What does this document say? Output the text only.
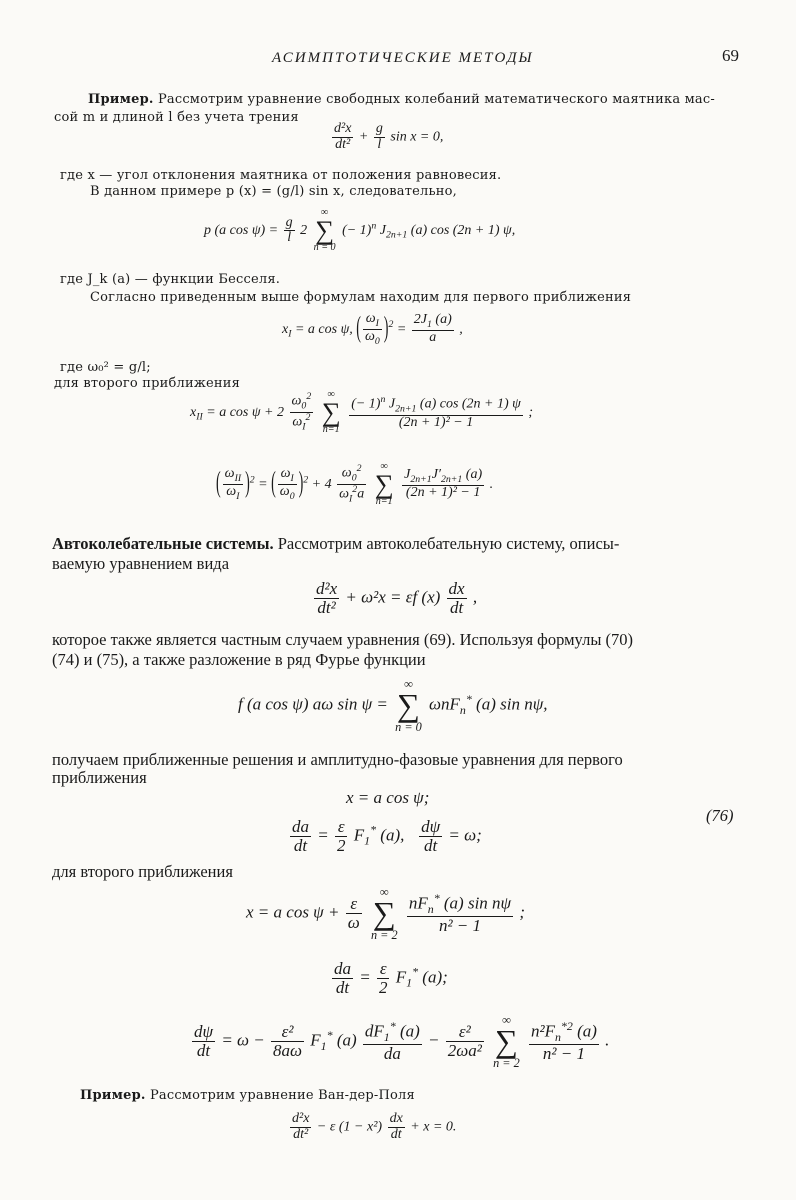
АСИМПТОТИЧЕСКИЕ МЕТОДЫ	69
Пример. Рассмотрим уравнение свободных колебаний математического маятника мас-
сой m и длиной l без учета трения
$\frac{\text{d²x}}{\text{dt²}} + \frac{g}{l}$ sin x = 0,
где x — угол отклонения маятника от положения равновесия.
В данном примере p (x) = (g/l) sin x, следовательно,
p (a $\cos \psi) = \frac{g}{l} 2$
∞
∑
n = 0
(− 1)$^n$ $J_{2n+1}$ (a) cos (2n + 1) ψ,
где J_k (a) — функции Бесселя.
Согласно приведенным выше формулам находим для первого приближения
$x_I = a$ cos ψ, ( $\frac{\omega_I}{\omega_0} )^2 = \frac{2J_1 (a)}{a}$ ,
где ω₀² = g/l;
для второго приближения
$x_{II} = a$ $\cos \psi + 2 \frac{\omega_0^2}{\omega_I^2}$
	∞
∑
n=1
$\frac{(- 1)^n J_{2n+1} (a) \cos (2n + 1) \psi}{\text{(2n + 1)² − 1}}$ ;
( $\frac{\omega_{II}}{\omega_I} )^2$ = ( $\frac{\omega_I}{\omega_0} )^2 + 4 \frac{\omega_0^2}{\omega_I^2a}$
	∞
∑
n=1

$\frac{J_{2n+1}J'_{2n+1} (a)}{\text{(2n + 1)² − 1}}$ .
Автоколебательные системы. Рассмотрим автоколебательную систему, описы-
ваемую уравнением вида
$\frac{\text{d²x}}{\text{dt²}} + \omega^2x = \varepsilon f$ $(x) \frac{dx}{dt}$ ,
которое также является частным случаем уравнения (69). Используя формулы (70)
(74) и (75), а также разложение в ряд Фурье функции
f (a cos ψ) aω sin ψ =
∞
∑
n = 0
ωnF$_n$* (a) sin nψ,
получаем приближенные решения и амплитудно-фазовые уравнения для первого
приближения
x = a cos ψ;
(76)
$\frac{da}{dt} = \frac{\varepsilon}{2} F_1^*$ (a), $\frac{d\psi}{dt} = \omega$;
для второго приближения
x = a $\cos \psi + \frac{\varepsilon}{\omega}$

∞
∑
n = 2

$\frac{nF_n^* (a) \sin n\psi}{\text{n² − 1}}$ ;
$\frac{da}{dt} = \frac{\varepsilon}{2} F_1^*$ (a);
$\frac{d\psi}{dt} = \omega - \frac{\text{ε²}}{8a\omega} F_1^*$ $(a) \frac{dF_1^* (a)}{da} - \frac{\text{ε²}}{\text{2ωa²}}$

∞
∑
n = 2

$\frac{n^2F_n^{*2} (a)}{\text{n² − 1}}$ .
Пример. Рассмотрим уравнение Ван-дер-Поля
$\frac{\text{d²x}}{\text{dt²}} - \varepsilon$ $(1 - x^2) \frac{dx}{dt} + x = 0$.
